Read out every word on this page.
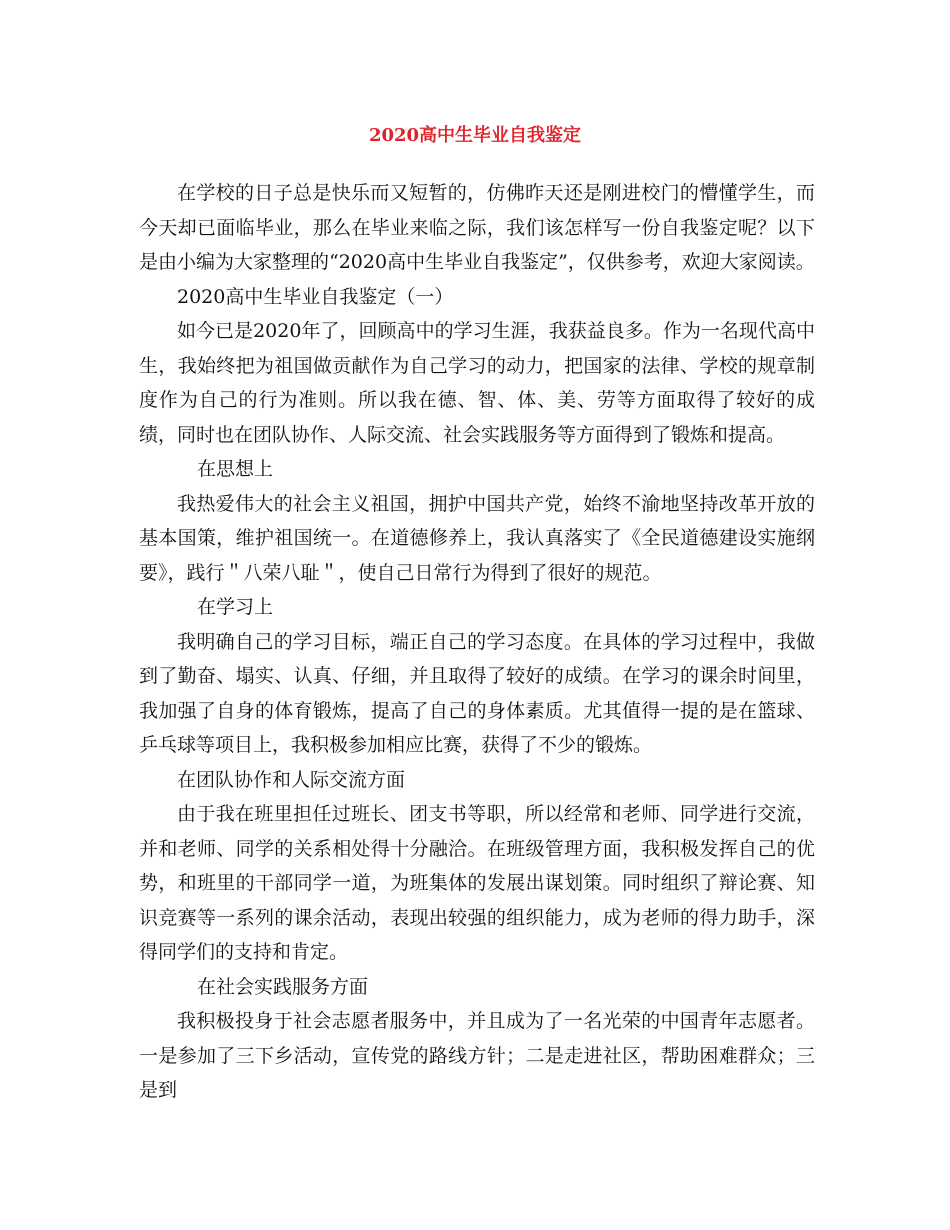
2020高中生毕业自我鉴定

在学校的日子总是快乐而又短暂的，仿佛昨天还是刚进校门的懵懂学生，而今天却已面临毕业，那么在毕业来临之际，我们该怎样写一份自我鉴定呢？以下是由小编为大家整理的“2020高中生毕业自我鉴定”，仅供参考，欢迎大家阅读。

2020高中生毕业自我鉴定（一）

如今已是2020年了，回顾高中的学习生涯，我获益良多。作为一名现代高中生，我始终把为祖国做贡献作为自己学习的动力，把国家的法律、学校的规章制度作为自己的行为准则。所以我在德、智、体、美、劳等方面取得了较好的成绩，同时也在团队协作、人际交流、社会实践服务等方面得到了锻炼和提高。

在思想上

我热爱伟大的社会主义祖国，拥护中国共产党，始终不渝地坚持改革开放的基本国策，维护祖国统一。在道德修养上，我认真落实了《全民道德建设实施纲要》，践行＂八荣八耻＂，使自己日常行为得到了很好的规范。

在学习上

我明确自己的学习目标，端正自己的学习态度。在具体的学习过程中，我做到了勤奋、塌实、认真、仔细，并且取得了较好的成绩。在学习的课余时间里，我加强了自身的体育锻炼，提高了自己的身体素质。尤其值得一提的是在篮球、乒乓球等项目上，我积极参加相应比赛，获得了不少的锻炼。

在团队协作和人际交流方面

由于我在班里担任过班长、团支书等职，所以经常和老师、同学进行交流，并和老师、同学的关系相处得十分融洽。在班级管理方面，我积极发挥自己的优势，和班里的干部同学一道，为班集体的发展出谋划策。同时组织了辩论赛、知识竞赛等一系列的课余活动，表现出较强的组织能力，成为老师的得力助手，深得同学们的支持和肯定。

在社会实践服务方面

我积极投身于社会志愿者服务中，并且成为了一名光荣的中国青年志愿者。一是参加了三下乡活动，宣传党的路线方针；二是走进社区，帮助困难群众；三是到
